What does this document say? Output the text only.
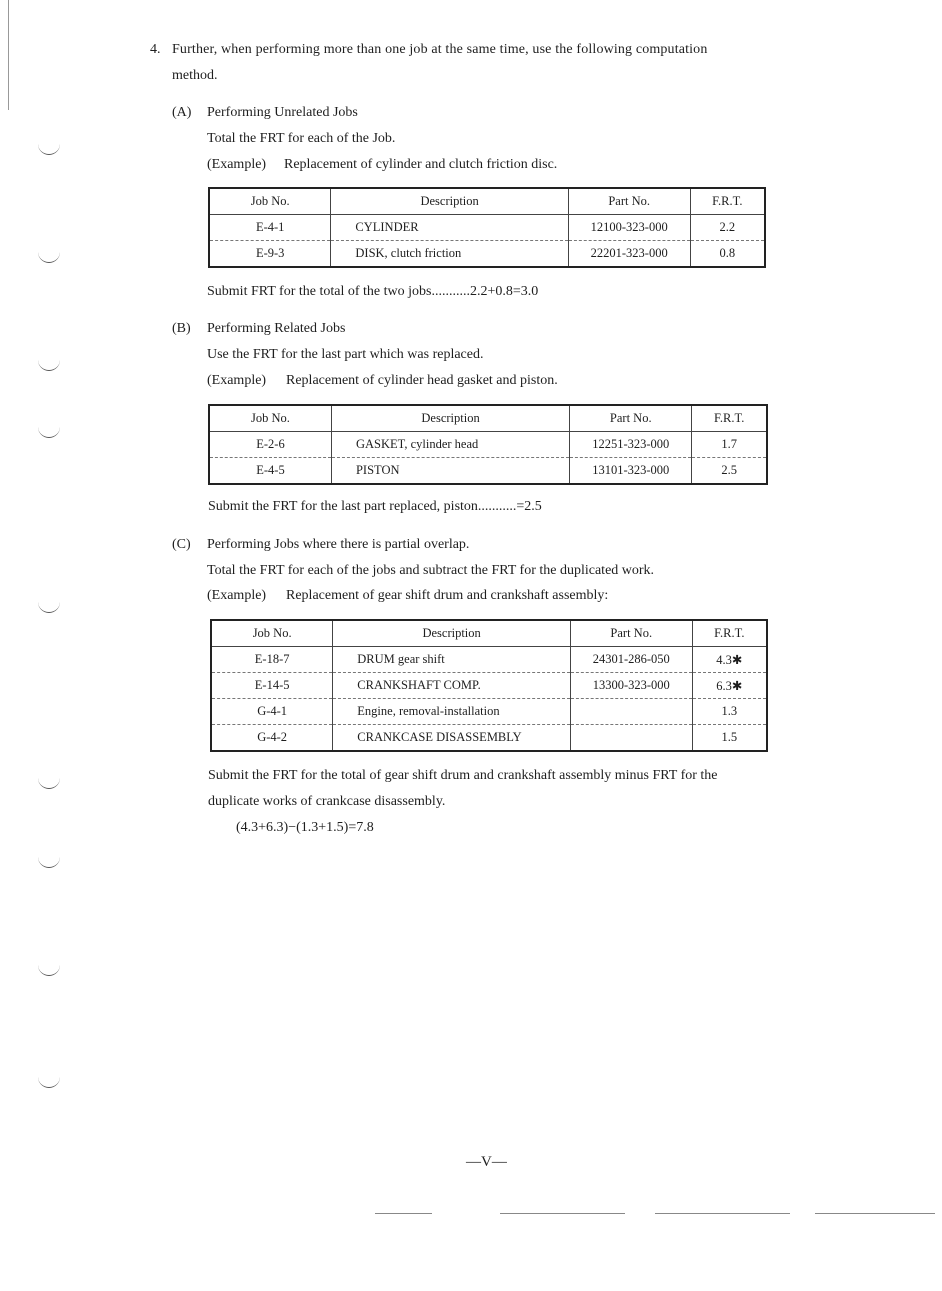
4. Further, when performing more than one job at the same time, use the following computation
method.
(A) Performing Unrelated Jobs
Total the FRT for each of the Job.
(Example) Replacement of cylinder and clutch friction disc.
Job No.	Description	Part No.	F.R.T.
E-4-1	CYLINDER	12100-323-000	2.2
E-9-3	DISK, clutch friction	22201-323-000	0.8
Submit FRT for the total of the two jobs...........2.2+0.8=3.0
(B) Performing Related Jobs
Use the FRT for the last part which was replaced.
(Example) Replacement of cylinder head gasket and piston.
Job No.	Description	Part No.	F.R.T.
E-2-6	GASKET, cylinder head	12251-323-000	1.7
E-4-5	PISTON	13101-323-000	2.5
Submit the FRT for the last part replaced, piston...........=2.5
(C) Performing Jobs where there is partial overlap.
Total the FRT for each of the jobs and subtract the FRT for the duplicated work.
(Example) Replacement of gear shift drum and crankshaft assembly:
Job No.	Description	Part No.	F.R.T.
E-18-7	DRUM gear shift	24301-286-050	4.3✱
E-14-5	CRANKSHAFT COMP.	13300-323-000	6.3✱
G-4-1	Engine, removal-installation		1.3
G-4-2	CRANKCASE DISASSEMBLY		1.5
Submit the FRT for the total of gear shift drum and crankshaft assembly minus FRT for the
duplicate works of crankcase disassembly.
(4.3+6.3)−(1.3+1.5)=7.8
—V—
